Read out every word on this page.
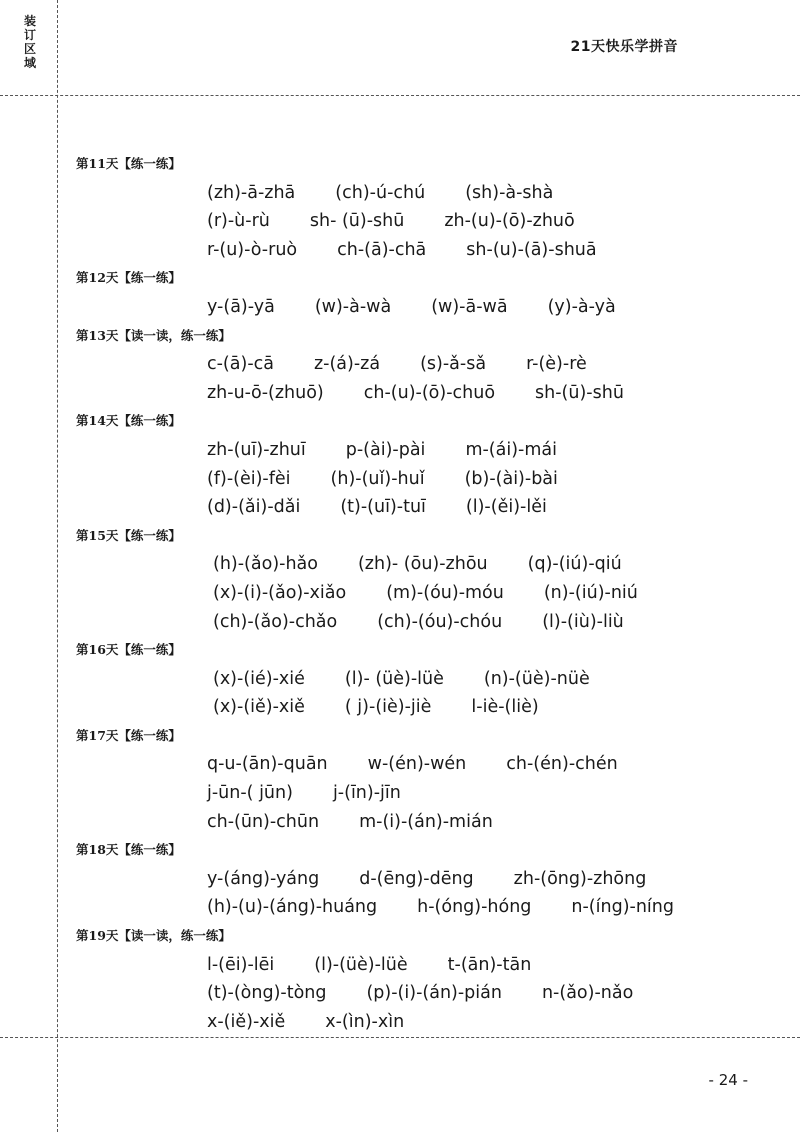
装订区域
21天快乐学拼音
第11天【练一练】
(zh)-ā-zhā (ch)-ú-chú (sh)-à-shà
(r)-ù-rù sh- (ū)-shū zh-(u)-(ō)-zhuō
r-(u)-ò-ruò ch-(ā)-chā sh-(u)-(ā)-shuā
第12天【练一练】
y-(ā)-yā (w)-à-wà (w)-ā-wā (y)-à-yà
第13天【读一读，练一练】
c-(ā)-cā z-(á)-zá (s)-ǎ-sǎ r-(è)-rè
zh-u-ō-(zhuō) ch-(u)-(ō)-chuō sh-(ū)-shū
第14天【练一练】
zh-(uī)-zhuī p-(ài)-pài m-(ái)-mái
(f)-(èi)-fèi (h)-(uǐ)-huǐ (b)-(ài)-bài
(d)-(ǎi)-dǎi (t)-(uī)-tuī (l)-(ěi)-lěi
第15天【练一练】
(h)-(ǎo)-hǎo (zh)- (ōu)-zhōu (q)-(iú)-qiú
(x)-(i)-(ǎo)-xiǎo (m)-(óu)-móu (n)-(iú)-niú
(ch)-(ǎo)-chǎo (ch)-(óu)-chóu (l)-(iù)-liù
第16天【练一练】
(x)-(ié)-xié (l)- (üè)-lüè (n)-(üè)-nüè
(x)-(iě)-xiě ( j)-(iè)-jiè l-iè-(liè)
第17天【练一练】
q-u-(ān)-quān w-(én)-wén ch-(én)-chén
j-ūn-( jūn) j-(īn)-jīn
ch-(ūn)-chūn m-(i)-(án)-mián
第18天【练一练】
y-(áng)-yáng d-(ēng)-dēng zh-(ōng)-zhōng
(h)-(u)-(áng)-huáng h-(óng)-hóng n-(íng)-níng
第19天【读一读，练一练】
l-(ēi)-lēi (l)-(üè)-lüè t-(ān)-tān
(t)-(òng)-tòng (p)-(i)-(án)-pián n-(ǎo)-nǎo
x-(iě)-xiě x-(ìn)-xìn
- 24 -
